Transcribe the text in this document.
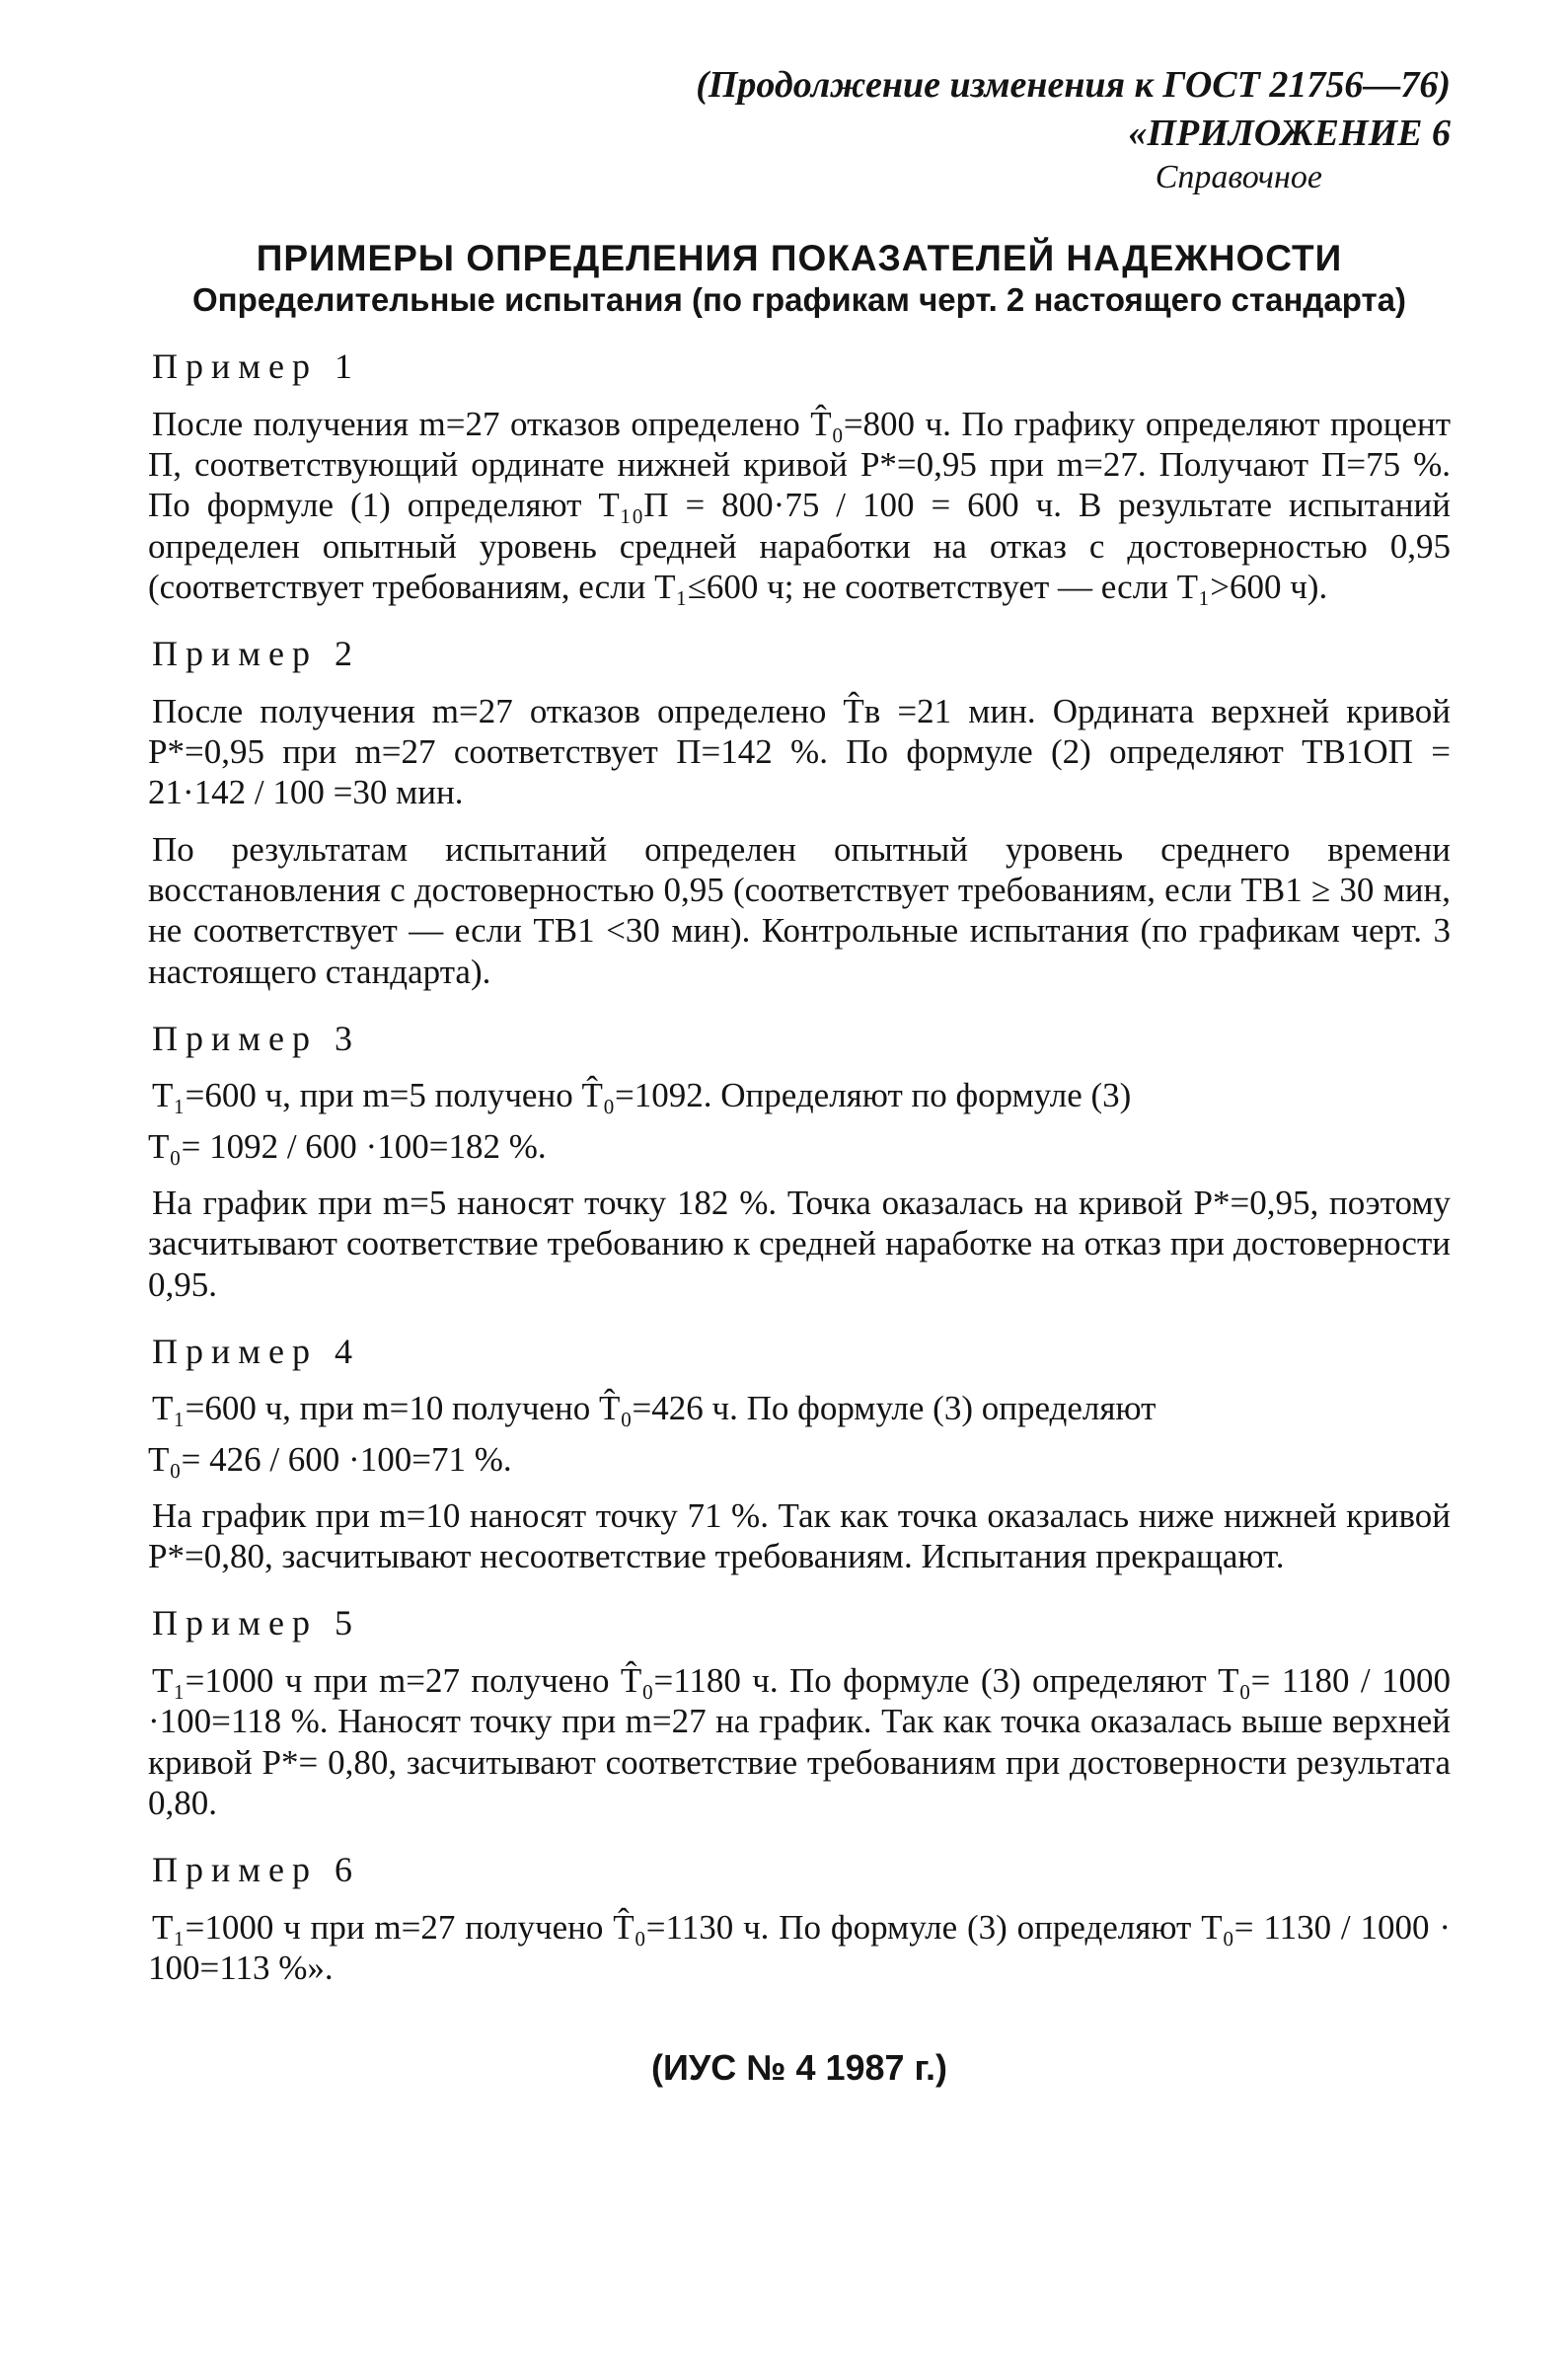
(Продолжение изменения к ГОСТ 21756—76)
«ПРИЛОЖЕНИЕ 6
Справочное
ПРИМЕРЫ ОПРЕДЕЛЕНИЯ ПОКАЗАТЕЛЕЙ НАДЕЖНОСТИ
Определительные испытания (по графикам черт. 2 настоящего стандарта)
Пример 1

После получения m=27 отказов определено T̂₀=800 ч. По графику определяют процент П, соответствующий ординате нижней кривой P*=0,95 при m=27. Получают П=75 %. По формуле (1) определяют T₁₀П = 800·75 / 100 = 600 ч. В результате испытаний определен опытный уровень средней наработки на отказ с достоверностью 0,95 (соответствует требованиям, если T₁≤600 ч; не соответствует — если T₁>600 ч).

Пример 2

После получения m=27 отказов определено T̂в =21 мин. Ордината верхней кривой P*=0,95 при m=27 соответствует П=142 %. По формуле (2) определяют TВ1ОП = 21·142 / 100 =30 мин.

По результатам испытаний определен опытный уровень среднего времени восстановления с достоверностью 0,95 (соответствует требованиям, если TВ1 ≥ 30 мин, не соответствует — если TВ1 <30 мин). Контрольные испытания (по графикам черт. 3 настоящего стандарта).

Пример 3

T₁=600 ч, при m=5 получено T̂₀=1092. Определяют по формуле (3)

T₀= 1092 / 600 ·100=182 %.

На график при m=5 наносят точку 182 %. Точка оказалась на кривой P*=0,95, поэтому засчитывают соответствие требованию к средней наработке на отказ при достоверности 0,95.

Пример 4

T₁=600 ч, при m=10 получено T̂₀=426 ч. По формуле (3) определяют

T₀= 426 / 600 ·100=71 %.

На график при m=10 наносят точку 71 %. Так как точка оказалась ниже нижней кривой P*=0,80, засчитывают несоответствие требованиям. Испытания прекращают.

Пример 5

T₁=1000 ч при m=27 получено T̂₀=1180 ч. По формуле (3) определяют T₀= 1180 / 1000 ·100=118 %. Наносят точку при m=27 на график. Так как точка оказалась выше верхней кривой P*= 0,80, засчитывают соответствие требованиям при достоверности результата 0,80.

Пример 6

T₁=1000 ч при m=27 получено T̂₀=1130 ч. По формуле (3) определяют T₀= 1130 / 1000 · 100=113 %».

(ИУС № 4 1987 г.)
